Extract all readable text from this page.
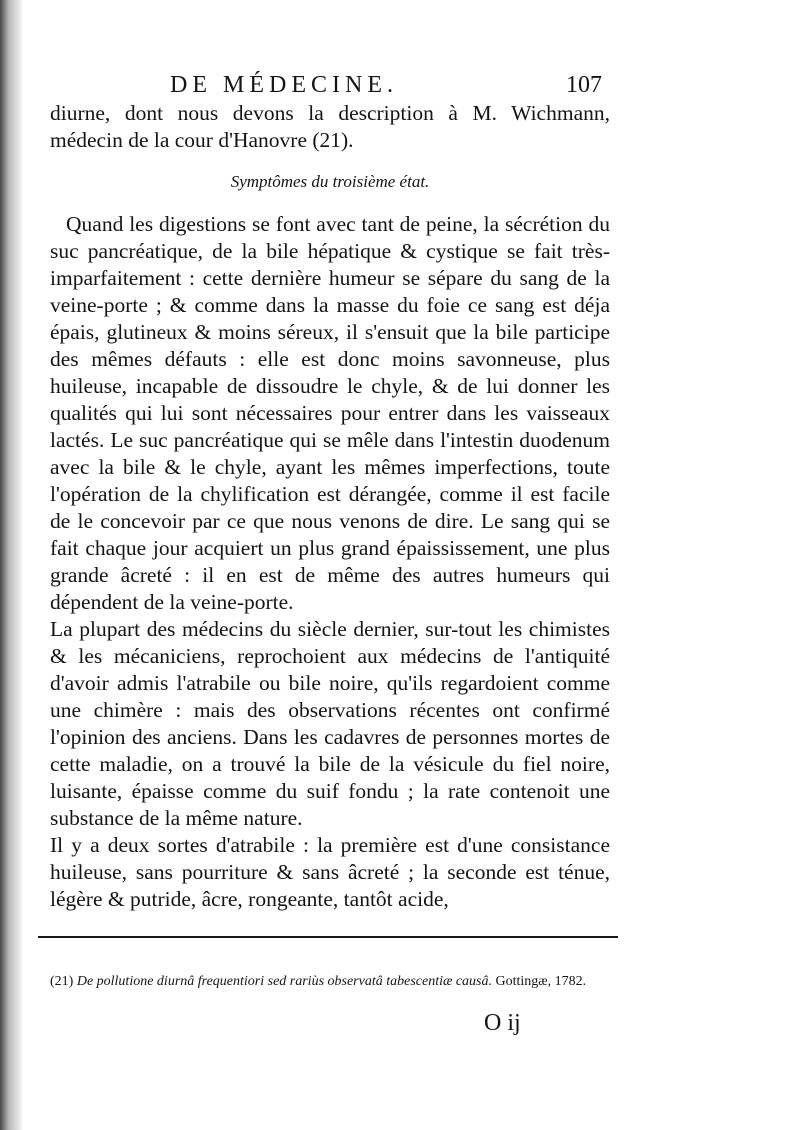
DE MÉDECINE.	107

diurne, dont nous devons la description à M. Wichmann, médecin de la cour d'Hanovre (21).

Symptômes du troisième état.

Quand les digestions se font avec tant de peine, la sécrétion du suc pancréatique, de la bile hépatique & cystique se fait très-imparfaitement : cette dernière humeur se sépare du sang de la veine-porte ; & comme dans la masse du foie ce sang est déja épais, glutineux & moins séreux, il s'ensuit que la bile participe des mêmes défauts : elle est donc moins savonneuse, plus huileuse, incapable de dissoudre le chyle, & de lui donner les qualités qui lui sont nécessaires pour entrer dans les vaisseaux lactés. Le suc pancréatique qui se mêle dans l'intestin duodenum avec la bile & le chyle, ayant les mêmes imperfections, toute l'opération de la chylification est dérangée, comme il est facile de le concevoir par ce que nous venons de dire. Le sang qui se fait chaque jour acquiert un plus grand épaississement, une plus grande âcreté : il en est de même des autres humeurs qui dépendent de la veine-porte.

La plupart des médecins du siècle dernier, sur-tout les chimistes & les mécaniciens, reprochoient aux médecins de l'antiquité d'avoir admis l'atrabile ou bile noire, qu'ils regardoient comme une chimère : mais des observations récentes ont confirmé l'opinion des anciens. Dans les cadavres de personnes mortes de cette maladie, on a trouvé la bile de la vésicule du fiel noire, luisante, épaisse comme du suif fondu ; la rate contenoit une substance de la même nature.

Il y a deux sortes d'atrabile : la première est d'une consistance huileuse, sans pourriture & sans âcreté ; la seconde est ténue, légère & putride, âcre, rongeante, tantôt acide,

(21) De pollutione diurnâ frequentiori sed rariùs observatâ tabescentiæ causâ. Gottingæ, 1782.
O ij
